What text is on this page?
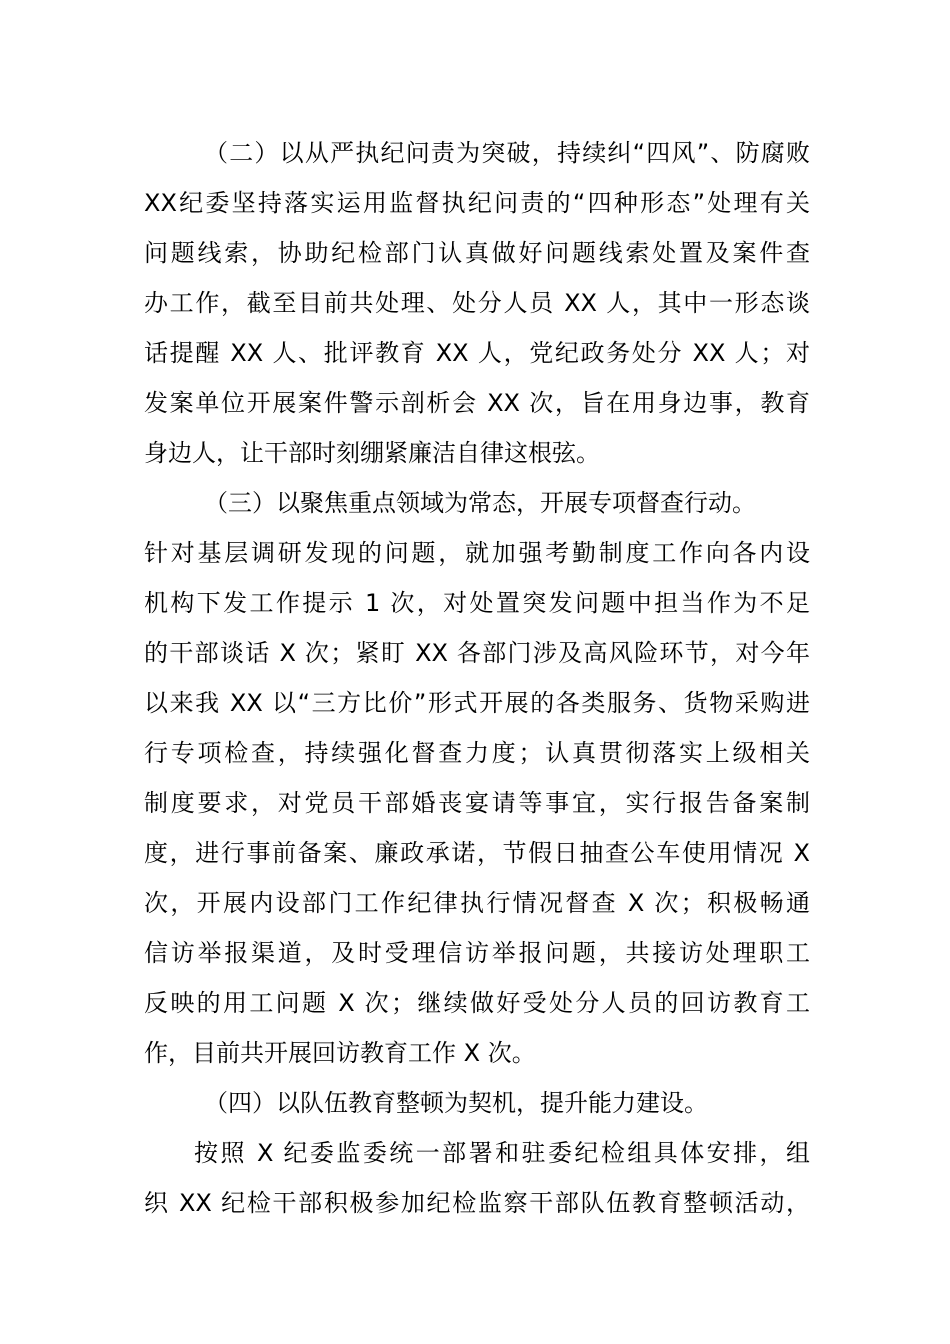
（二）以从严执纪问责为突破，持续纠“四风”、防腐败
XX纪委坚持落实运用监督执纪问责的“四种形态”处理有关
问题线索，协助纪检部门认真做好问题线索处置及案件查
办工作，截至目前共处理、处分人员 XX 人，其中一形态谈
话提醒 XX 人、批评教育 XX 人，党纪政务处分 XX 人；对
发案单位开展案件警示剖析会 XX 次，旨在用身边事，教育
身边人，让干部时刻绷紧廉洁自律这根弦。
（三）以聚焦重点领域为常态，开展专项督查行动。
针对基层调研发现的问题，就加强考勤制度工作向各内设
机构下发工作提示 1 次，对处置突发问题中担当作为不足
的干部谈话 X 次；紧盯 XX 各部门涉及高风险环节，对今年
以来我 XX 以“三方比价”形式开展的各类服务、货物采购进
行专项检查，持续强化督查力度；认真贯彻落实上级相关
制度要求，对党员干部婚丧宴请等事宜，实行报告备案制
度，进行事前备案、廉政承诺，节假日抽查公车使用情况 X
次，开展内设部门工作纪律执行情况督查 X 次；积极畅通
信访举报渠道，及时受理信访举报问题，共接访处理职工
反映的用工问题 X 次；继续做好受处分人员的回访教育工
作，目前共开展回访教育工作 X 次。
（四）以队伍教育整顿为契机，提升能力建设。
按照 X 纪委监委统一部署和驻委纪检组具体安排，组
织 XX 纪检干部积极参加纪检监察干部队伍教育整顿活动，
